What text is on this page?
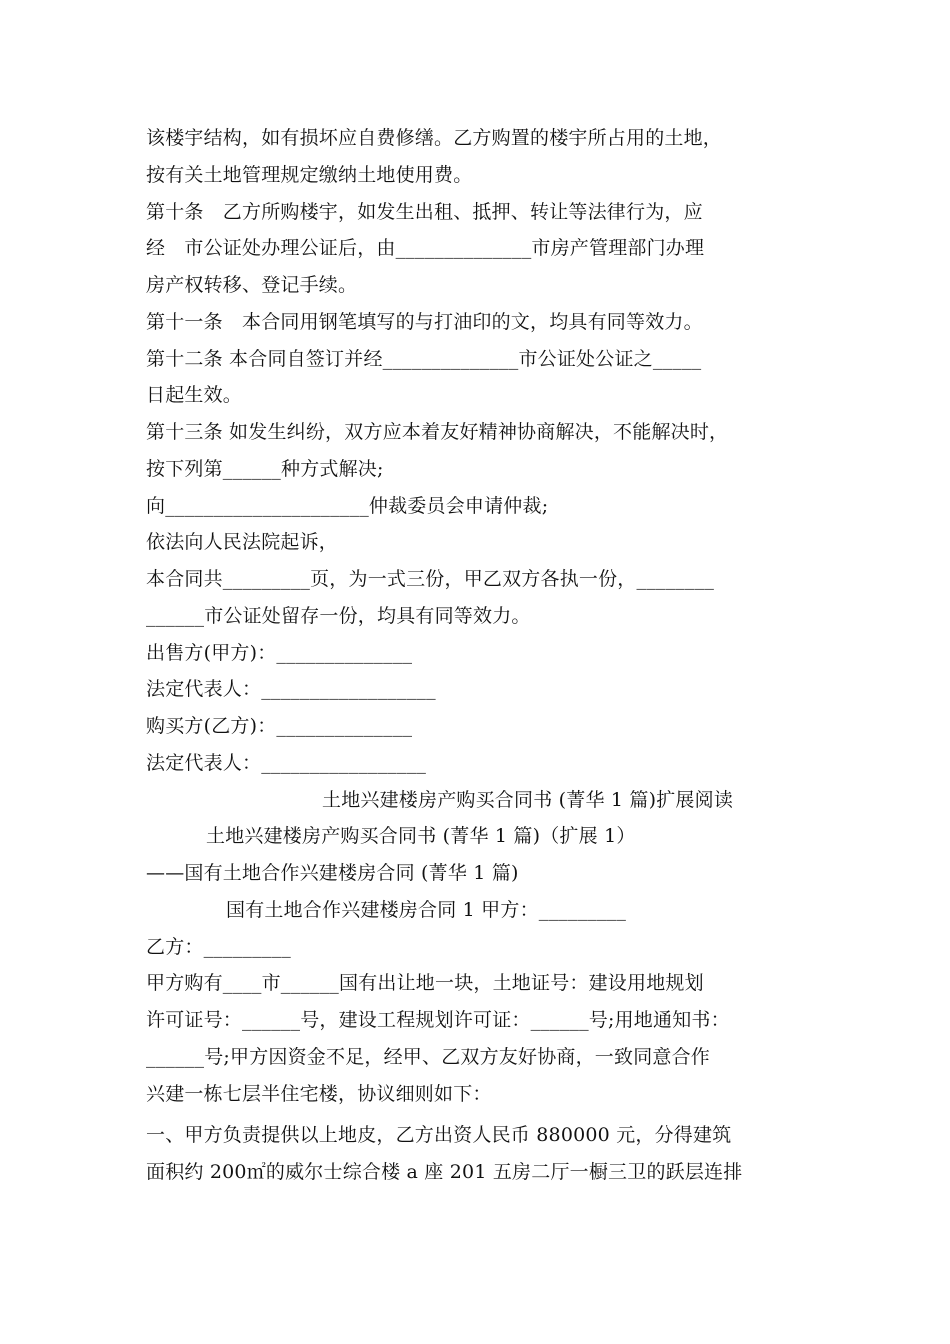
该楼宇结构，如有损坏应自费修缮。乙方购置的楼宇所占用的土地，
按有关土地管理规定缴纳土地使用费。
第十条　乙方所购楼宇，如发生出租、抵押、转让等法律行为，应
经　市公证处办理公证后，由______________市房产管理部门办理
房产权转移、登记手续。
第十一条　本合同用钢笔填写的与打油印的文，均具有同等效力。
第十二条 本合同自签订并经______________市公证处公证之_____
日起生效。
第十三条 如发生纠纷，双方应本着友好精神协商解决，不能解决时，
按下列第______种方式解决;
向_____________________仲裁委员会申请仲裁;
依法向人民法院起诉，
本合同共_________页，为一式三份，甲乙双方各执一份，________
______市公证处留存一份，均具有同等效力。
出售方(甲方)：______________
法定代表人：__________________
购买方(乙方)：______________
法定代表人：_________________
土地兴建楼房产购买合同书 (菁华 1 篇)扩展阅读
土地兴建楼房产购买合同书 (菁华 1 篇)（扩展 1）
——国有土地合作兴建楼房合同 (菁华 1 篇)
国有土地合作兴建楼房合同 1 甲方：_________
乙方：_________
甲方购有____市______国有出让地一块，土地证号：建设用地规划
许可证号：______号，建设工程规划许可证：______号;用地通知书：
______号;甲方因资金不足，经甲、乙双方友好协商，一致同意合作
兴建一栋七层半住宅楼，协议细则如下：
一、甲方负责提供以上地皮，乙方出资人民币 880000 元，分得建筑
面积约 200㎡的威尔士综合楼 a 座 201 五房二厅一橱三卫的跃层连排
